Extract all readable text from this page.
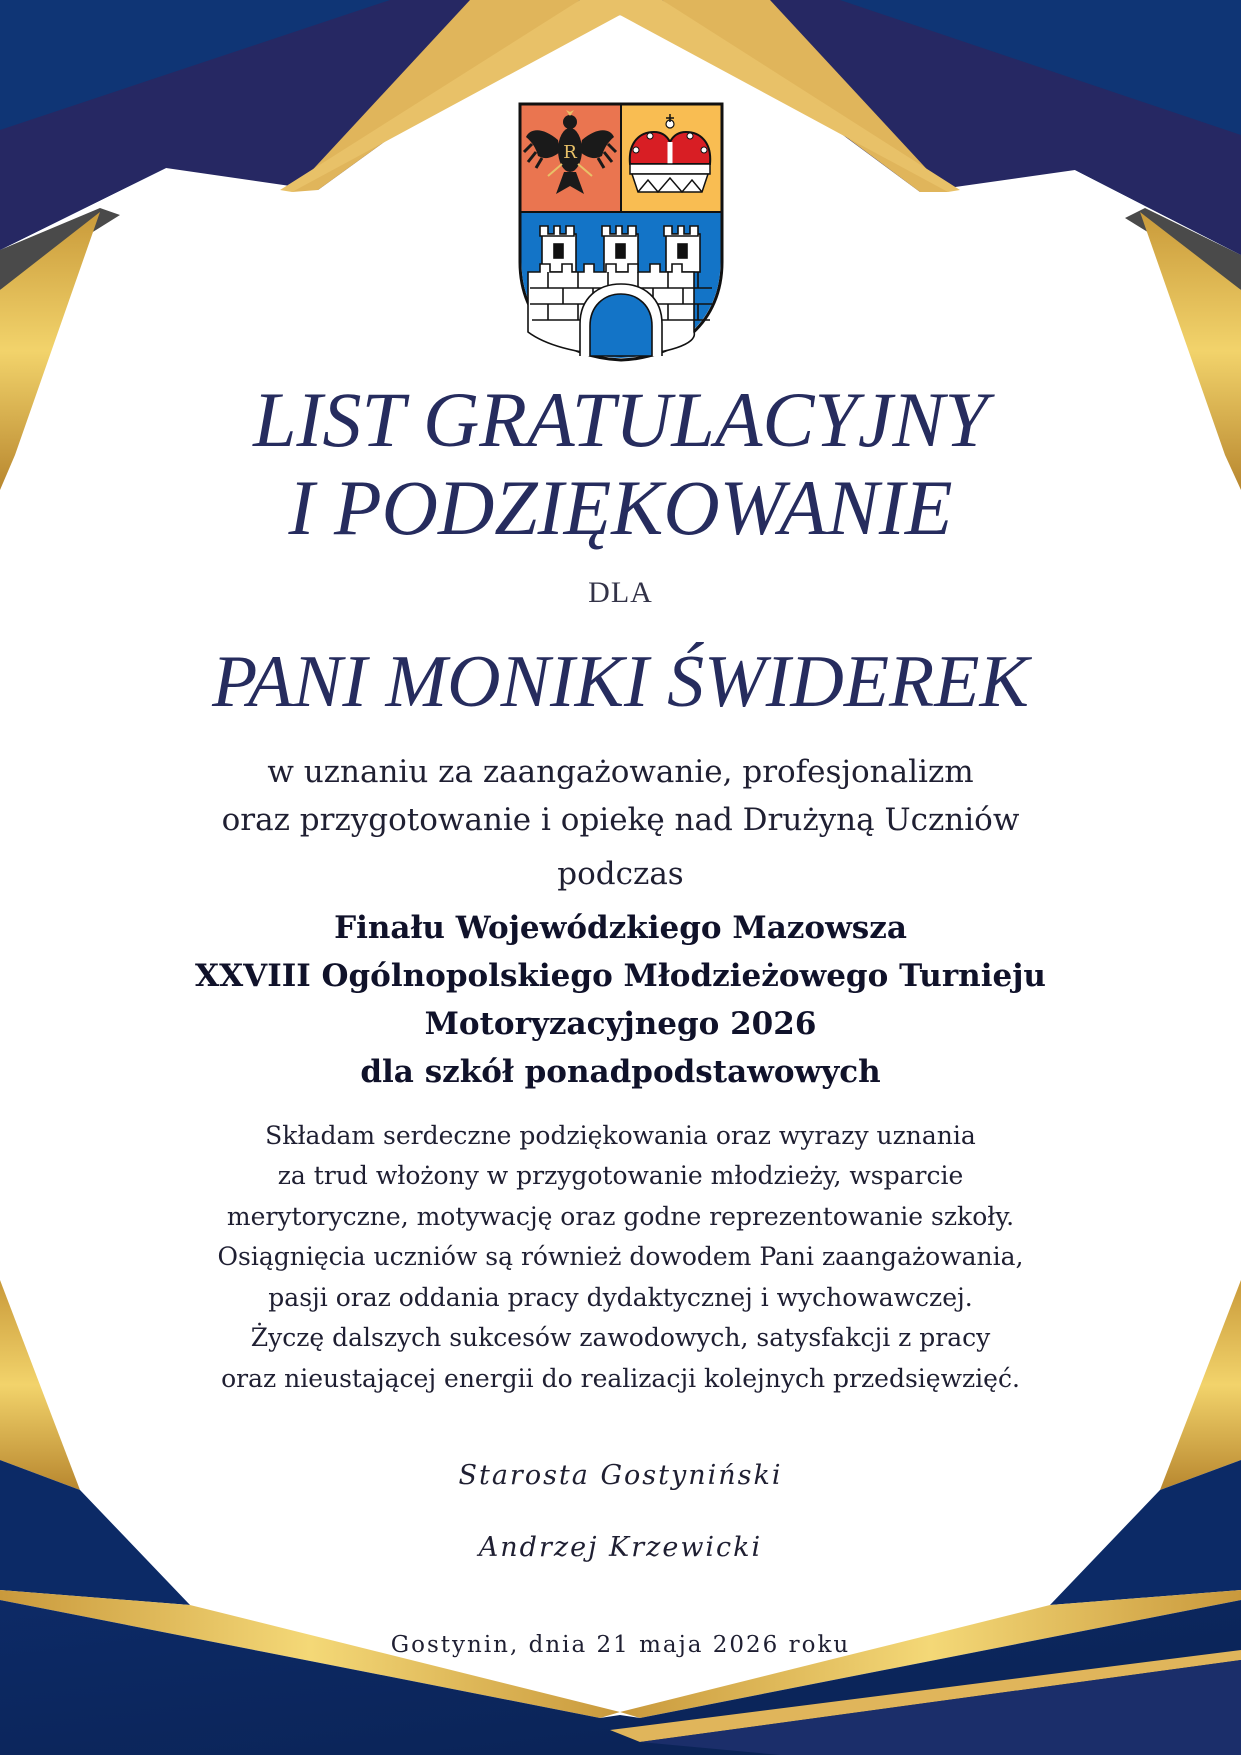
R
LIST GRATULACYJNY
I PODZIĘKOWANIE
DLA
PANI MONIKI ŚWIDEREK
w uznaniu za zaangażowanie, profesjonalizm
oraz przygotowanie i opiekę nad Drużyną Uczniów
podczas
Finału Wojewódzkiego Mazowsza
XXVIII Ogólnopolskiego Młodzieżowego Turnieju
Motoryzacyjnego 2026
dla szkół ponadpodstawowych
Składam serdeczne podziękowania oraz wyrazy uznania
za trud włożony w przygotowanie młodzieży, wsparcie
merytoryczne, motywację oraz godne reprezentowanie szkoły.
Osiągnięcia uczniów są również dowodem Pani zaangażowania,
pasji oraz oddania pracy dydaktycznej i wychowawczej.
Życzę dalszych sukcesów zawodowych, satysfakcji z pracy
oraz nieustającej energii do realizacji kolejnych przedsięwzięć.
Starosta Gostyniński
Andrzej Krzewicki
Gostynin, dnia 21 maja 2026 roku
